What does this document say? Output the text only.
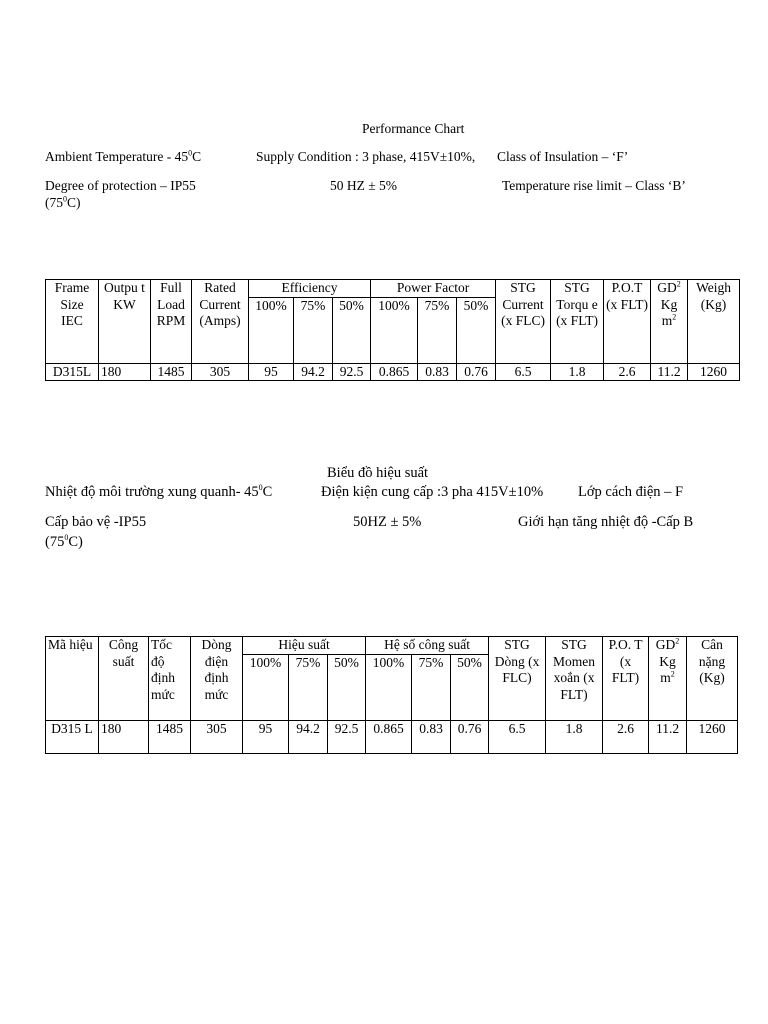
Performance Chart
Ambient Temperature - $45^0C$	Supply Condition : 3 phase, 415V±10%, Class of Insulation – ‘F’
Degree of protection – IP55	50 HZ ± 5%	Temperature rise limit – Class ‘B’
$(75^0C)$
Frame Size IEC	Outpu t KW	Full Load RPM	Rated Current (Amps)	Efficiency			Power Factor			STG Current (x FLC)	STG Torqu e (x FLT)	P.O.T (x FLT)	$GD^2$ Kg $m^2$	Weigh (Kg)
				100%	75%	50%	100%	75%	50%					
D315L	180	1485	305	95	94.2	92.5	0.865	0.83	0.76	6.5	1.8	2.6	11.2	1260
Biểu đồ hiệu suất
Nhiệt độ môi trường xung quanh- $45^0C$	Điện kiện cung cấp :3 pha 415V±10% Lớp cách điện – F
Cấp bảo vệ -IP55	50HZ ± 5%	Giới hạn tăng nhiệt độ -Cấp B
$(75^0C)$
Mã hiệu	Công suất	Tốc độ định mức	Dòng điện định mức	Hiệu suất			Hệ số công suất			STG Dòng (x FLC)	STG Momen xoắn (x FLT)	P.O. T (x FLT)	$GD^2$ Kg $m^2$	Cân nặng (Kg)
				100%	75%	50%	100%	75%	50%					
D315 L	180	1485	305	95	94.2	92.5	0.865	0.83	0.76	6.5	1.8	2.6	11.2	1260
